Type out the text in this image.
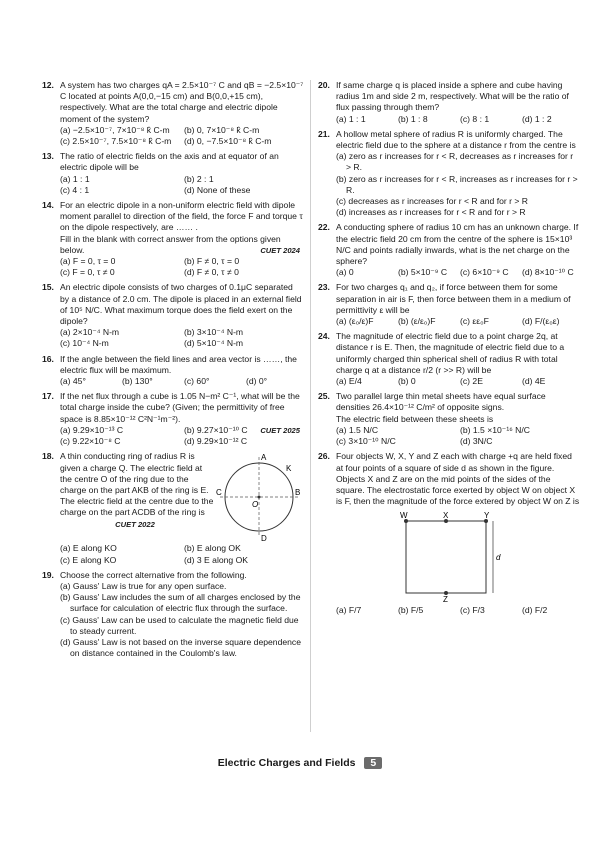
12. A system has two charges qA = 2.5×10⁻⁷ C and qB = −2.5×10⁻⁷ C located at points A(0,0,−15 cm) and B(0,0,+15 cm), respectively. What are the total charge and electric dipole moment of the system?
(a) −2.5×10⁻⁷, 7×10⁻⁸ k̂ C-m	(b) 0, 7×10⁻⁸ k̂ C-m
(c) 2.5×10⁻⁷, 7.5×10⁻⁸ k̂ C-m	(d) 0, −7.5×10⁻⁸ k̂ C-m
13. The ratio of electric fields on the axis and at equator of an electric dipole will be
(a) 1 : 1	(b) 2 : 1
(c) 4 : 1	(d) None of these
14. For an electric dipole in a non-uniform electric field with dipole moment parallel to direction of the field, the force F and torque τ on the dipole respectively, are …… .
Fill in the blank with correct answer from the options given below.	CUET 2024
(a) F = 0, τ = 0	(b) F ≠ 0, τ = 0
(c) F = 0, τ ≠ 0	(d) F ≠ 0, τ ≠ 0
15. An electric dipole consists of two charges of 0.1μC separated by a distance of 2.0 cm. The dipole is placed in an external field of 10⁵ N/C. What maximum torque does the field exert on the dipole?
(a) 2×10⁻⁴ N-m	(b) 3×10⁻⁴ N-m
(c) 10⁻⁴ N-m	(d) 5×10⁻⁴ N-m
16. If the angle between the field lines and area vector is ……, the electric flux will be maximum.
(a) 45°	(b) 130°	(c) 60°	(d) 0°
17. If the net flux through a cube is 1.05 N−m² C⁻¹, what will be the total charge inside the cube? (Given; the permittivity of free space is 8.85×10⁻¹² C²N⁻¹m⁻²).
(a) 9.29×10⁻¹³ C	(b) 9.27×10⁻¹⁰ C CUET 2025
(c) 9.22×10⁻⁸ C	(d) 9.29×10⁻¹² C
18. A thin conducting ring of radius R is given a charge Q. The electric field at the centre O of the ring due to the charge on the part AKB of the ring is E. The electric field at the centre due to the charge on the part ACDB of the ring is
CUET 2022
A
K
B
C
O
D
(a) E along KO	(b) E along OK
(c) E along KO	(d) 3 E along OK
19. Choose the correct alternative from the following.
(a) Gauss' Law is true for any open surface.
(b) Gauss' Law includes the sum of all charges enclosed by the surface for calculation of electric flux through the surface.
(c) Gauss' Law can be used to calculate the magnetic field due to steady current.
(d) Gauss' Law is not based on the inverse square dependence on distance contained in the Coulomb's law.
20. If same charge q is placed inside a sphere and cube having radius 1m and side 2 m, respectively. What will be the ratio of flux passing through them?
(a) 1 : 1	(b) 1 : 8	(c) 8 : 1	(d) 1 : 2
21. A hollow metal sphere of radius R is uniformly charged. The electric field due to the sphere at a distance r from the centre is
(a) zero as r increases for r < R, decreases as r increases for r > R.
(b) zero as r increases for r < R, increases as r increases for r > R.
(c) decreases as r increases for r < R and for r > R
(d) increases as r increases for r < R and for r > R
22. A conducting sphere of radius 10 cm has an unknown charge. If the electric field 20 cm from the centre of the sphere is 15×10³ N/C and points radially inwards, what is the net charge on the sphere?
(a) 0	(b) 5×10⁻⁹ C	(c) 6×10⁻⁹ C	(d) 8×10⁻¹⁰ C
23. For two charges q₁ and q₂, if force between them for some separation in air is F, then force between them in a medium of permittivity ε will be
(a) (ε₀/ε)F	(b) (ε/ε₀)F	(c) εε₀F	(d) F/(ε₀ε)
24. The magnitude of electric field due to a point charge 2q, at distance r is E. Then, the magnitude of electric field due to a uniformly charged thin spherical shell of radius R with total charge q at a distance r/2 (r >> R) will be
(a) E/4	(b) 0	(c) 2E	(d) 4E
25. Two parallel large thin metal sheets have equal surface densities 26.4×10⁻¹² C/m² of opposite signs.
The electric field between these sheets is
(a) 1.5 N/C	(b) 1.5 ×10⁻¹⁶ N/C
(c) 3×10⁻¹⁰ N/C	(d) 3N/C
26. Four objects W, X, Y and Z each with charge +q are held fixed at four points of a square of side d as shown in the figure. Objects X and Z are on the mid points of the sides of the square. The electrostatic force exerted by object W on object X is F, then the magnitude of the force extered by object W on Z is
W	X	Y
Z
d
(a) F/7	(b) F/5	(c) F/3	(d) F/2
Electric Charges and Fields 5
